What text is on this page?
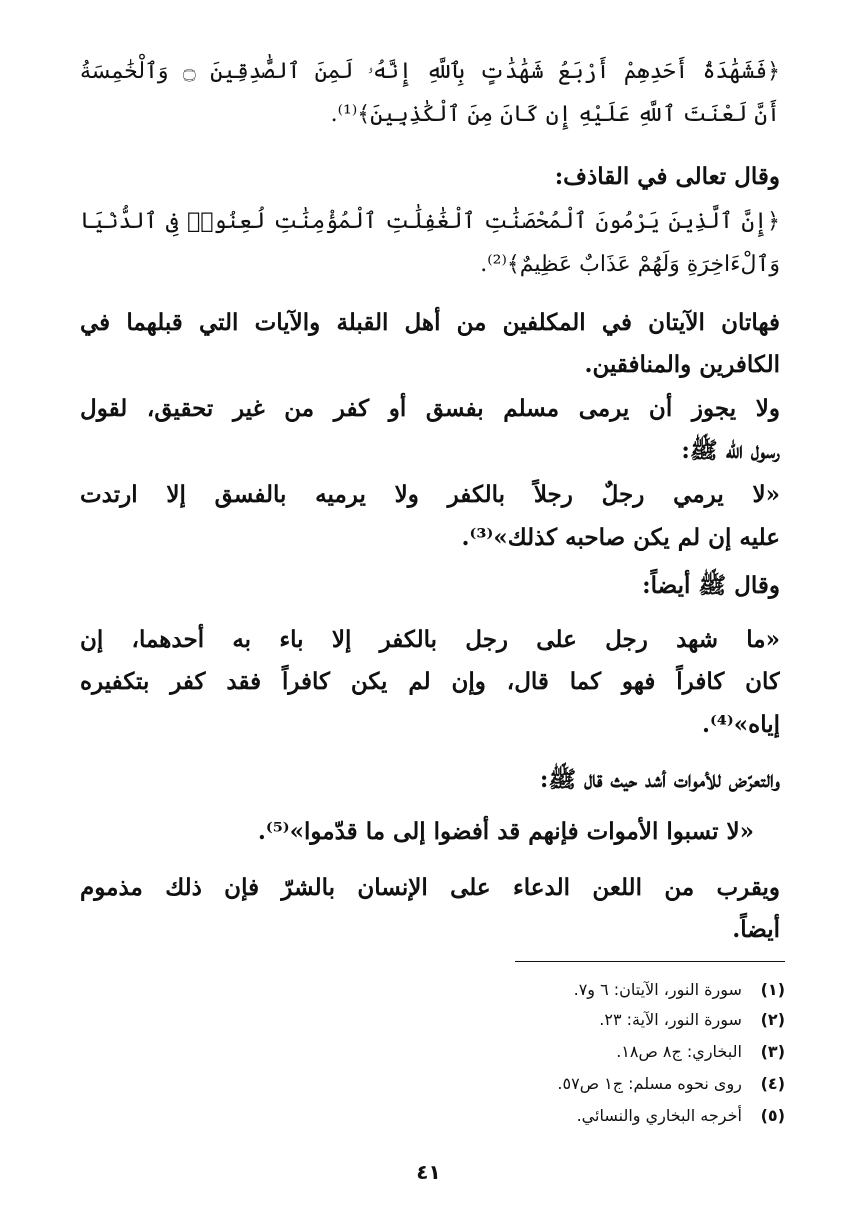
﴿فَشَهَٰدَةُ أَحَدِهِمْ أَرْبَعُ شَهَٰدَٰتٍ بِٱللَّهِ إِنَّهُۥ لَمِنَ ٱلصَّٰدِقِينَ ۝ وَٱلْخَٰمِسَةُ
أَنَّ لَعْنَتَ ٱللَّهِ عَلَيْهِ إِن كَانَ مِنَ ٱلْكَٰذِبِينَ﴾⁽¹⁾.
وقال تعالى في القاذف:
﴿إِنَّ ٱلَّذِينَ يَرْمُونَ ٱلْمُحْصَنَٰتِ ٱلْغَٰفِلَٰتِ ٱلْمُؤْمِنَٰتِ لُعِنُوا۟ فِى ٱلدُّنْيَا
وَٱلْءَاخِرَةِ وَلَهُمْ عَذَابٌ عَظِيمٌ﴾⁽²⁾.
فهاتان الآيتان في المكلفين من أهل القبلة والآيات التي قبلهما في
الكافرين والمنافقين.
ولا يجوز أن يرمى مسلم بفسق أو كفر من غير تحقيق، لقول
رسول الله ﷺ:
«لا يرمي رجلٌ رجلاً بالكفر ولا يرميه بالفسق إلا ارتدت
عليه إن لم يكن صاحبه كذلك»⁽³⁾.
وقال ﷺ أيضاً:
«ما شهد رجل على رجل بالكفر إلا باء به أحدهما، إن
كان كافراً فهو كما قال، وإن لم يكن كافراً فقد كفر بتكفيره
إياه»⁽⁴⁾.
والتعرّض للأموات أشد حيث قال ﷺ:
«لا تسبوا الأموات فإنهم قد أفضوا إلى ما قدّموا»⁽⁵⁾.
ويقرب من اللعن الدعاء على الإنسان بالشرّ فإن ذلك مذموم
أيضاً.
(١) سورة النور، الآيتان: ٦ و٧.
(٢) سورة النور، الآية: ٢٣.
(٣) البخاري: ج٨ ص١٨.
(٤) روى نحوه مسلم: ج١ ص٥٧.
(٥) أخرجه البخاري والنسائي.
٤١
